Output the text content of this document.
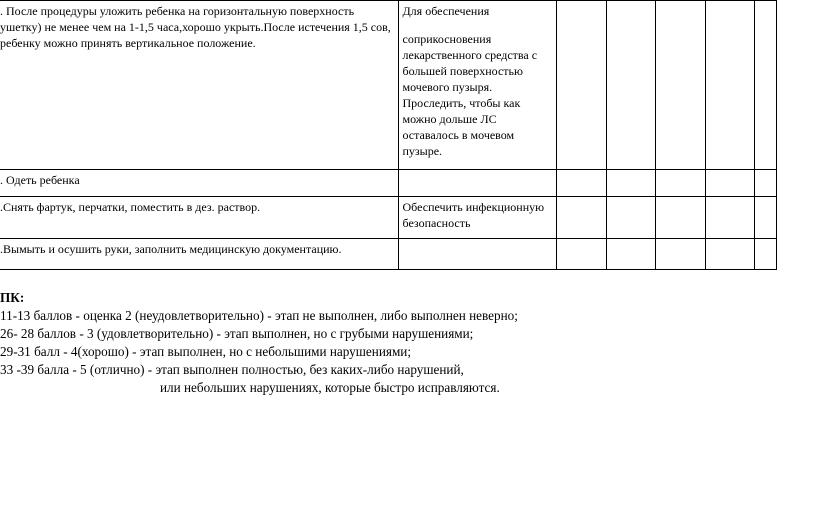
. После процедуры уложить ребенка на горизонтальную поверхность ушетку) не менее чем на 1-1,5 часа,хорошо укрыть.После истечения 1,5 сов, ребенку можно принять вертикальное положение.	Для обеспечения
соприкосновения лекарственного средства с большей поверхностью мочевого пузыря. Проследить, чтобы как можно дольше ЛС оставалось в мочевом пузыре.					

. Одеть ребенка						

.Снять фартук, перчатки, поместить в дез. раствор.	Обеспечить инфекционную безопасность					

.Вымыть и осушить руки, заполнить медицинскую документацию.						

ПК:
11-13 баллов - оценка 2 (неудовлетворительно) - этап не выполнен, либо выполнен неверно;
26- 28 баллов - 3 (удовлетворительно) - этап выполнен, но с грубыми нарушениями;
29-31 балл - 4(хорошо) - этап выполнен, но с небольшими нарушениями;
33 -39 балла - 5 (отлично) - этап выполнен полностью, без каких-либо нарушений,
или небольших нарушениях, которые быстро исправляются.
